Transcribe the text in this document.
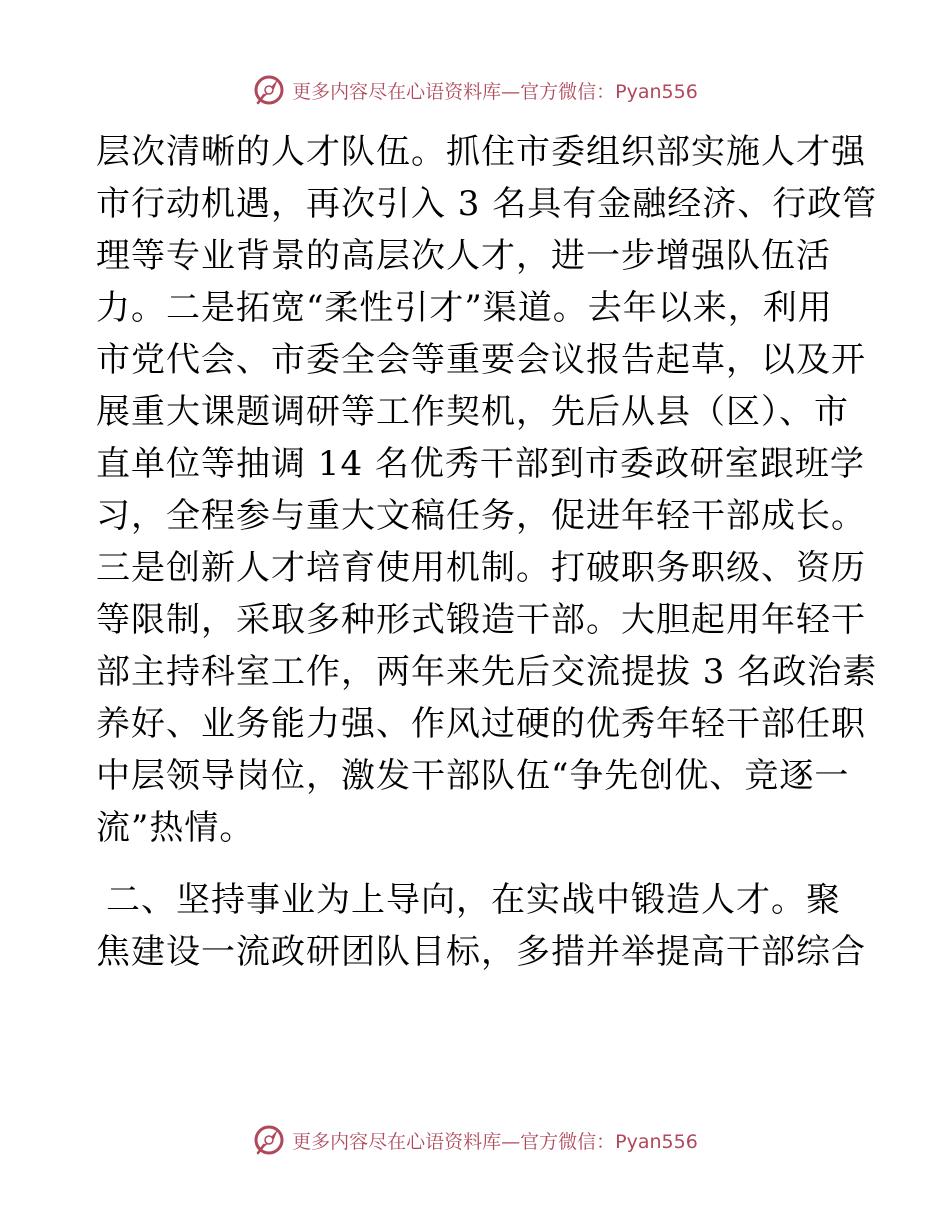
更多内容尽在心语资料库—官方微信：Pyan556
层次清晰的人才队伍。抓住市委组织部实施人才强
市行动机遇，再次引入 3 名具有金融经济、行政管
理等专业背景的高层次人才，进一步增强队伍活
力。二是拓宽“柔性引才”渠道。去年以来，利用
市党代会、市委全会等重要会议报告起草，以及开
展重大课题调研等工作契机，先后从县（区）、市
直单位等抽调 14 名优秀干部到市委政研室跟班学
习，全程参与重大文稿任务，促进年轻干部成长。
三是创新人才培育使用机制。打破职务职级、资历
等限制，采取多种形式锻造干部。大胆起用年轻干
部主持科室工作，两年来先后交流提拔 3 名政治素
养好、业务能力强、作风过硬的优秀年轻干部任职
中层领导岗位，激发干部队伍“争先创优、竞逐一
流”热情。
二、坚持事业为上导向，在实战中锻造人才。聚
焦建设一流政研团队目标，多措并举提高干部综合
更多内容尽在心语资料库—官方微信：Pyan556
